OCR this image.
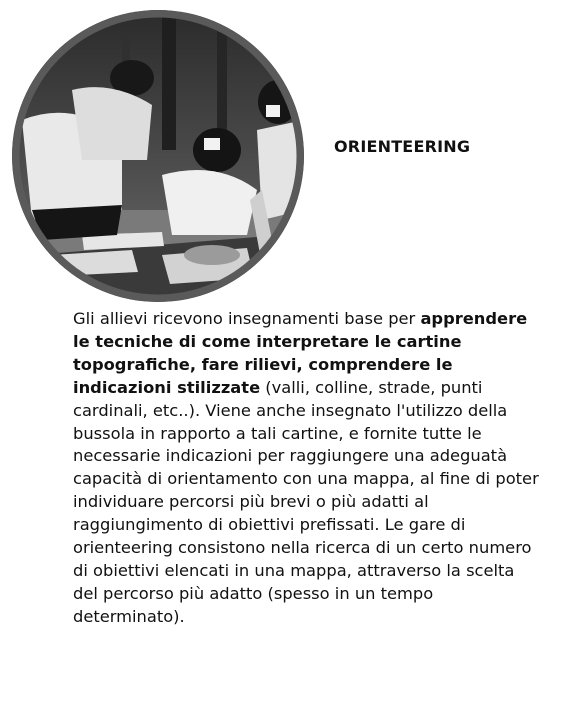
ORIENTEERING
Gli allievi ricevono insegnamenti base per apprendere le tecniche di come interpretare le cartine topografiche, fare rilievi, comprendere le indicazioni stilizzate (valli, colline, strade, punti cardinali, etc..). Viene anche insegnato l'utilizzo della bussola in rapporto a tali cartine, e fornite tutte le necessarie indicazioni per raggiungere una adeguatà capacità di orientamento con una mappa, al fine di poter individuare percorsi più brevi o più adatti al raggiungimento di obiettivi prefissati. Le gare di orienteering consistono nella ricerca di un certo numero di obiettivi elencati in una mappa, attraverso la scelta del percorso più adatto (spesso in un tempo determinato).
